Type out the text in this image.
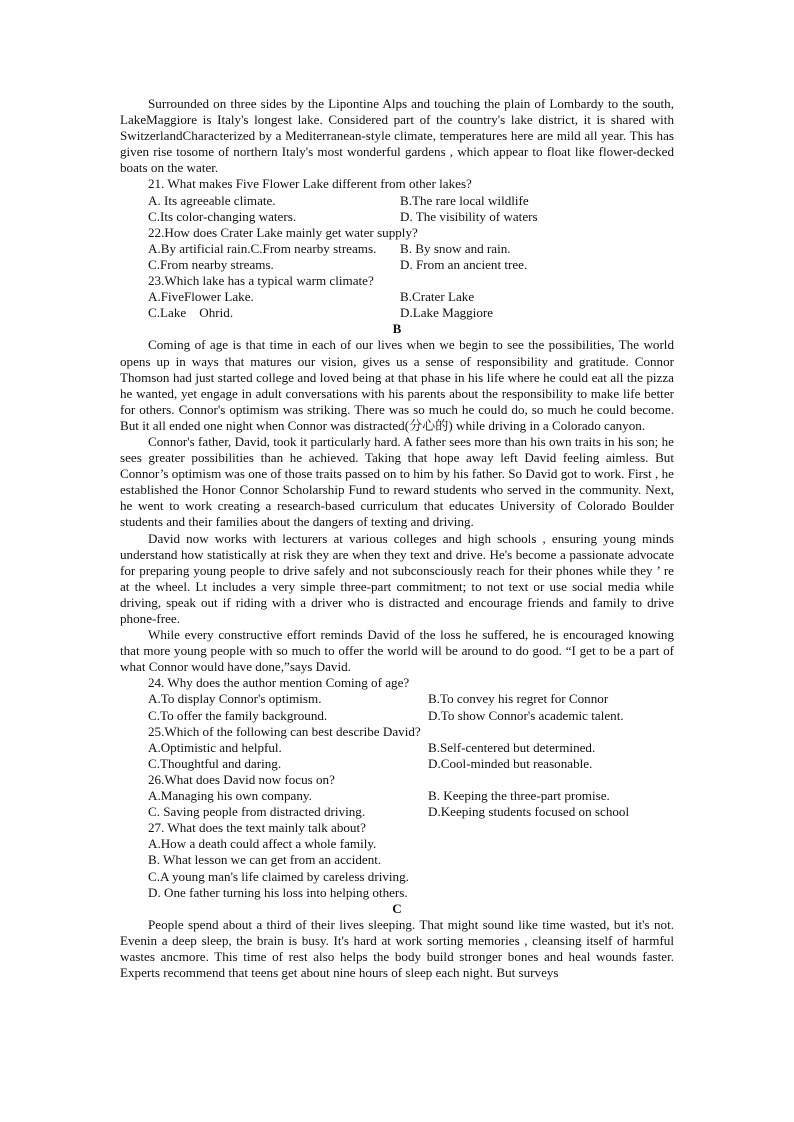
Surrounded on three sides by the Lipontine Alps and touching the plain of Lombardy to the south, LakeMaggiore is Italy's longest lake. Considered part of the country's lake district, it is shared with SwitzerlandCharacterized by a Mediterranean-style climate, temperatures here are mild all year. This has given rise tosome of northern Italy's most wonderful gardens , which appear to float like flower-decked boats on the water.

21. What makes Five Flower Lake different from other lakes?

A. Its agreeable climate.	B.The rare local wildlife
C.Its color-changing waters.	D. The visibility of waters

22.How does Crater Lake mainly get water supply?

A.By artificial rain.C.From nearby streams.	B. By snow and rain.
C.From nearby streams.	D. From an ancient tree.

23.Which lake has a typical warm climate?

A.FiveFlower Lake.	B.Crater Lake
C.Lake    Ohrid.	D.Lake Maggiore

B

Coming of age is that time in each of our lives when we begin to see the possibilities, The world opens up in ways that matures our vision, gives us a sense of responsibility and gratitude. Connor Thomson had just started college and loved being at that phase in his life where he could eat all the pizza he wanted, yet engage in adult conversations with his parents about the responsibility to make life better for others. Connor's optimism was striking. There was so much he could do, so much he could become. But it all ended one night when Connor was distracted(分心的) while driving in a Colorado canyon.

Connor's father, David, took it particularly hard. A father sees more than his own traits in his son; he sees greater possibilities than he achieved. Taking that hope away left David feeling aimless. But Connor’s optimism was one of those traits passed on to him by his father. So David got to work. First , he established the Honor Connor Scholarship Fund to reward students who served in the community. Next, he went to work creating a research-based curriculum that educates University of Colorado Boulder students and their families about the dangers of texting and driving.

David now works with lecturers at various colleges and high schools , ensuring young minds understand how statistically at risk they are when they text and drive. He's become a passionate advocate for preparing young people to drive safely and not subconsciously reach for their phones while they ’ re at the wheel. Lt includes a very simple three-part commitment; to not text or use social media while driving, speak out if riding with a driver who is distracted and encourage friends and family to drive phone-free.

While every constructive effort reminds David of the loss he suffered, he is encouraged knowing that more young people with so much to offer the world will be around to do good. “I get to be a part of what Connor would have done,”says David.

24. Why does the author mention Coming of age?

A.To display Connor's optimism.	B.To convey his regret for Connor
C.To offer the family background.	D.To show Connor's academic talent.

25.Which of the following can best describe David?

A.Optimistic and helpful.	B.Self-centered but determined.
C.Thoughtful and daring.	D.Cool-minded but reasonable.

26.What does David now focus on?

A.Managing his own company.	B. Keeping the three-part promise.
C. Saving people from distracted driving.	D.Keeping students focused on school

27. What does the text mainly talk about?

A.How a death could affect a whole family.

B. What lesson we can get from an accident.

C.A young man's life claimed by careless driving.

D. One father turning his loss into helping others.

C

People spend about a third of their lives sleeping. That might sound like time wasted, but it's not. Evenin a deep sleep, the brain is busy. It's hard at work sorting memories , cleansing itself of harmful wastes ancmore. This time of rest also helps the body build stronger bones and heal wounds faster. Experts recommend that teens get about nine hours of sleep each night. But surveys
